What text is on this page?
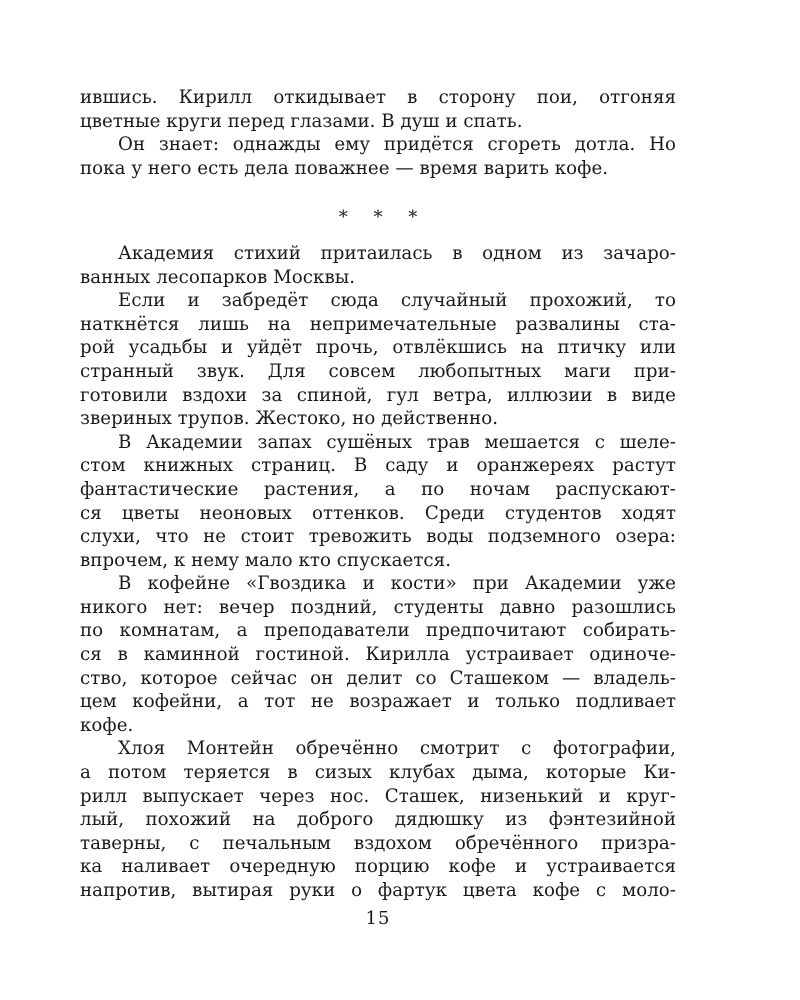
ившись. Кирилл откидывает в сторону пои, отгоняя
цветные круги перед глазами. В душ и спать.
Он знает: однажды ему придётся сгореть дотла. Но
пока у него есть дела поважнее — время варить кофе.
* * *
Академия стихий притаилась в одном из зачаро-
ванных лесопарков Москвы.
Если и забредёт сюда случайный прохожий, то
наткнётся лишь на непримечательные развалины ста-
рой усадьбы и уйдёт прочь, отвлёкшись на птичку или
странный звук. Для совсем любопытных маги при-
готовили вздохи за спиной, гул ветра, иллюзии в виде
звериных трупов. Жестоко, но действенно.
В Академии запах сушёных трав мешается с шеле-
стом книжных страниц. В саду и оранжереях растут
фантастические растения, а по ночам распускают-
ся цветы неоновых оттенков. Среди студентов ходят
слухи, что не стоит тревожить воды подземного озера:
впрочем, к нему мало кто спускается.
В кофейне «Гвоздика и кости» при Академии уже
никого нет: вечер поздний, студенты давно разошлись
по комнатам, а преподаватели предпочитают собирать-
ся в каминной гостиной. Кирилла устраивает одиноче-
ство, которое сейчас он делит со Сташеком — владель-
цем кофейни, а тот не возражает и только подливает
кофе.
Хлоя Монтейн обречённо смотрит с фотографии,
а потом теряется в сизых клубах дыма, которые Ки-
рилл выпускает через нос. Сташек, низенький и круг-
лый, похожий на доброго дядюшку из фэнтезийной
таверны, с печальным вздохом обречённого призра-
ка наливает очередную порцию кофе и устраивается
напротив, вытирая руки о фартук цвета кофе с моло-
15
